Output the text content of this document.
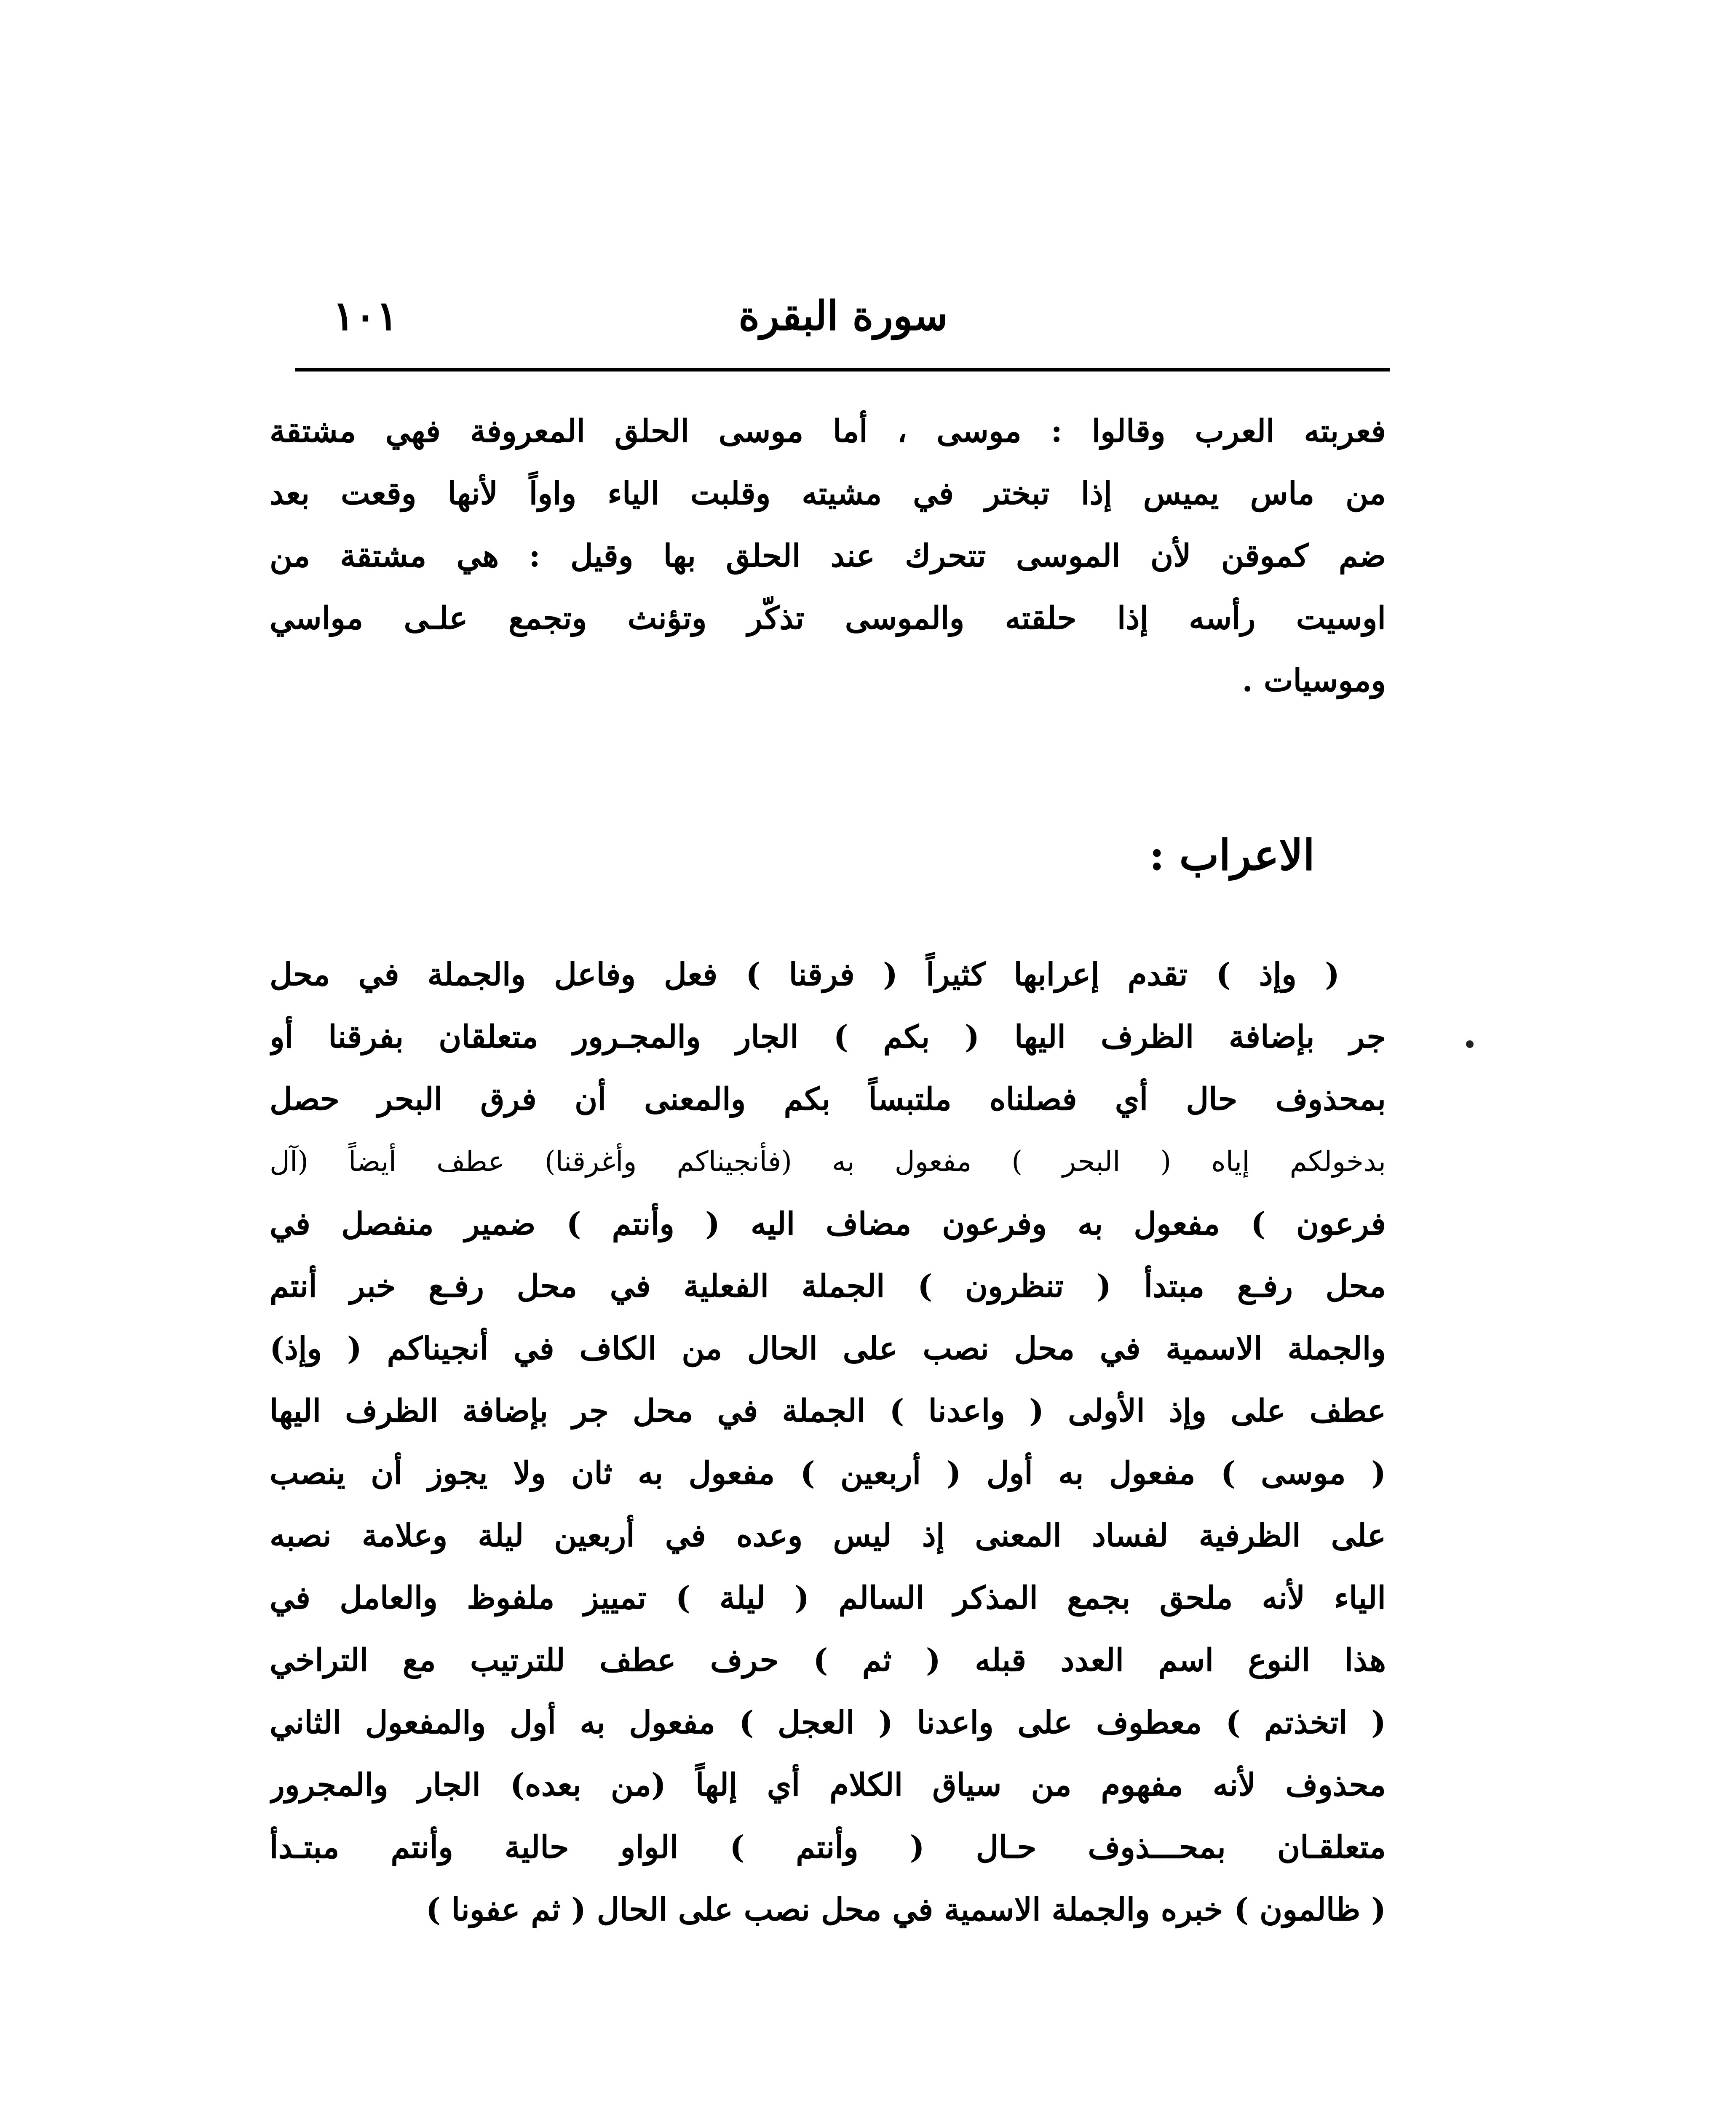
سورة البقرة
١٠١
فعربته العرب وقالوا : موسى ، أما موسى الحلق المعروفة فهي مشتقة
من ماس يميس إذا تبختر في مشيته وقلبت الياء واواً لأنها وقعت بعد
ضم كموقن لأن الموسى تتحرك عند الحلق بها وقيل : هي مشتقة من
اوسيت رأسه إذا حلقته والموسى تذكّر وتؤنث وتجمع علـى مواسي
وموسيات .
الاعراب :
( وإذ ) تقدم إعرابها كثيراً ( فرقنا ) فعل وفاعل والجملة في محل
جر بإضافة الظرف اليها ( بكم ) الجار والمجـرور متعلقان بفرقنا أو
بمحذوف حال أي فصلناه ملتبساً بكم والمعنى أن فرق البحر حصل
بدخولكم إياه ( البحر ) مفعول به (فأنجيناكم وأغرقنا) عطف أيضاً (آل
فرعون ) مفعول به وفرعون مضاف اليه ( وأنتم ) ضمير منفصل في
محل رفـع مبتدأ ( تنظرون ) الجملة الفعلية في محل رفـع خبر أنتم
والجملة الاسمية في محل نصب على الحال من الكاف في أنجيناكم ( وإذ)
عطف على وإذ الأولى ( واعدنا ) الجملة في محل جر بإضافة الظرف اليها
( موسى ) مفعول به أول ( أربعين ) مفعول به ثان ولا يجوز أن ينصب
على الظرفية لفساد المعنى إذ ليس وعده في أربعين ليلة وعلامة نصبه
الياء لأنه ملحق بجمع المذكر السالم ( ليلة ) تمييز ملفوظ والعامل في
هذا النوع اسم العدد قبله ( ثم ) حرف عطف للترتيب مع التراخي
( اتخذتم ) معطوف على واعدنا ( العجل ) مفعول به أول والمفعول الثاني
محذوف لأنه مفهوم من سياق الكلام أي إلهاً (من بعده) الجار والمجرور
متعلقـان بمحـــذوف حـال ( وأنتم ) الواو حالية وأنتم مبتـدأ
( ظالمون ) خبره والجملة الاسمية في محل نصب على الحال ( ثم عفونا )
